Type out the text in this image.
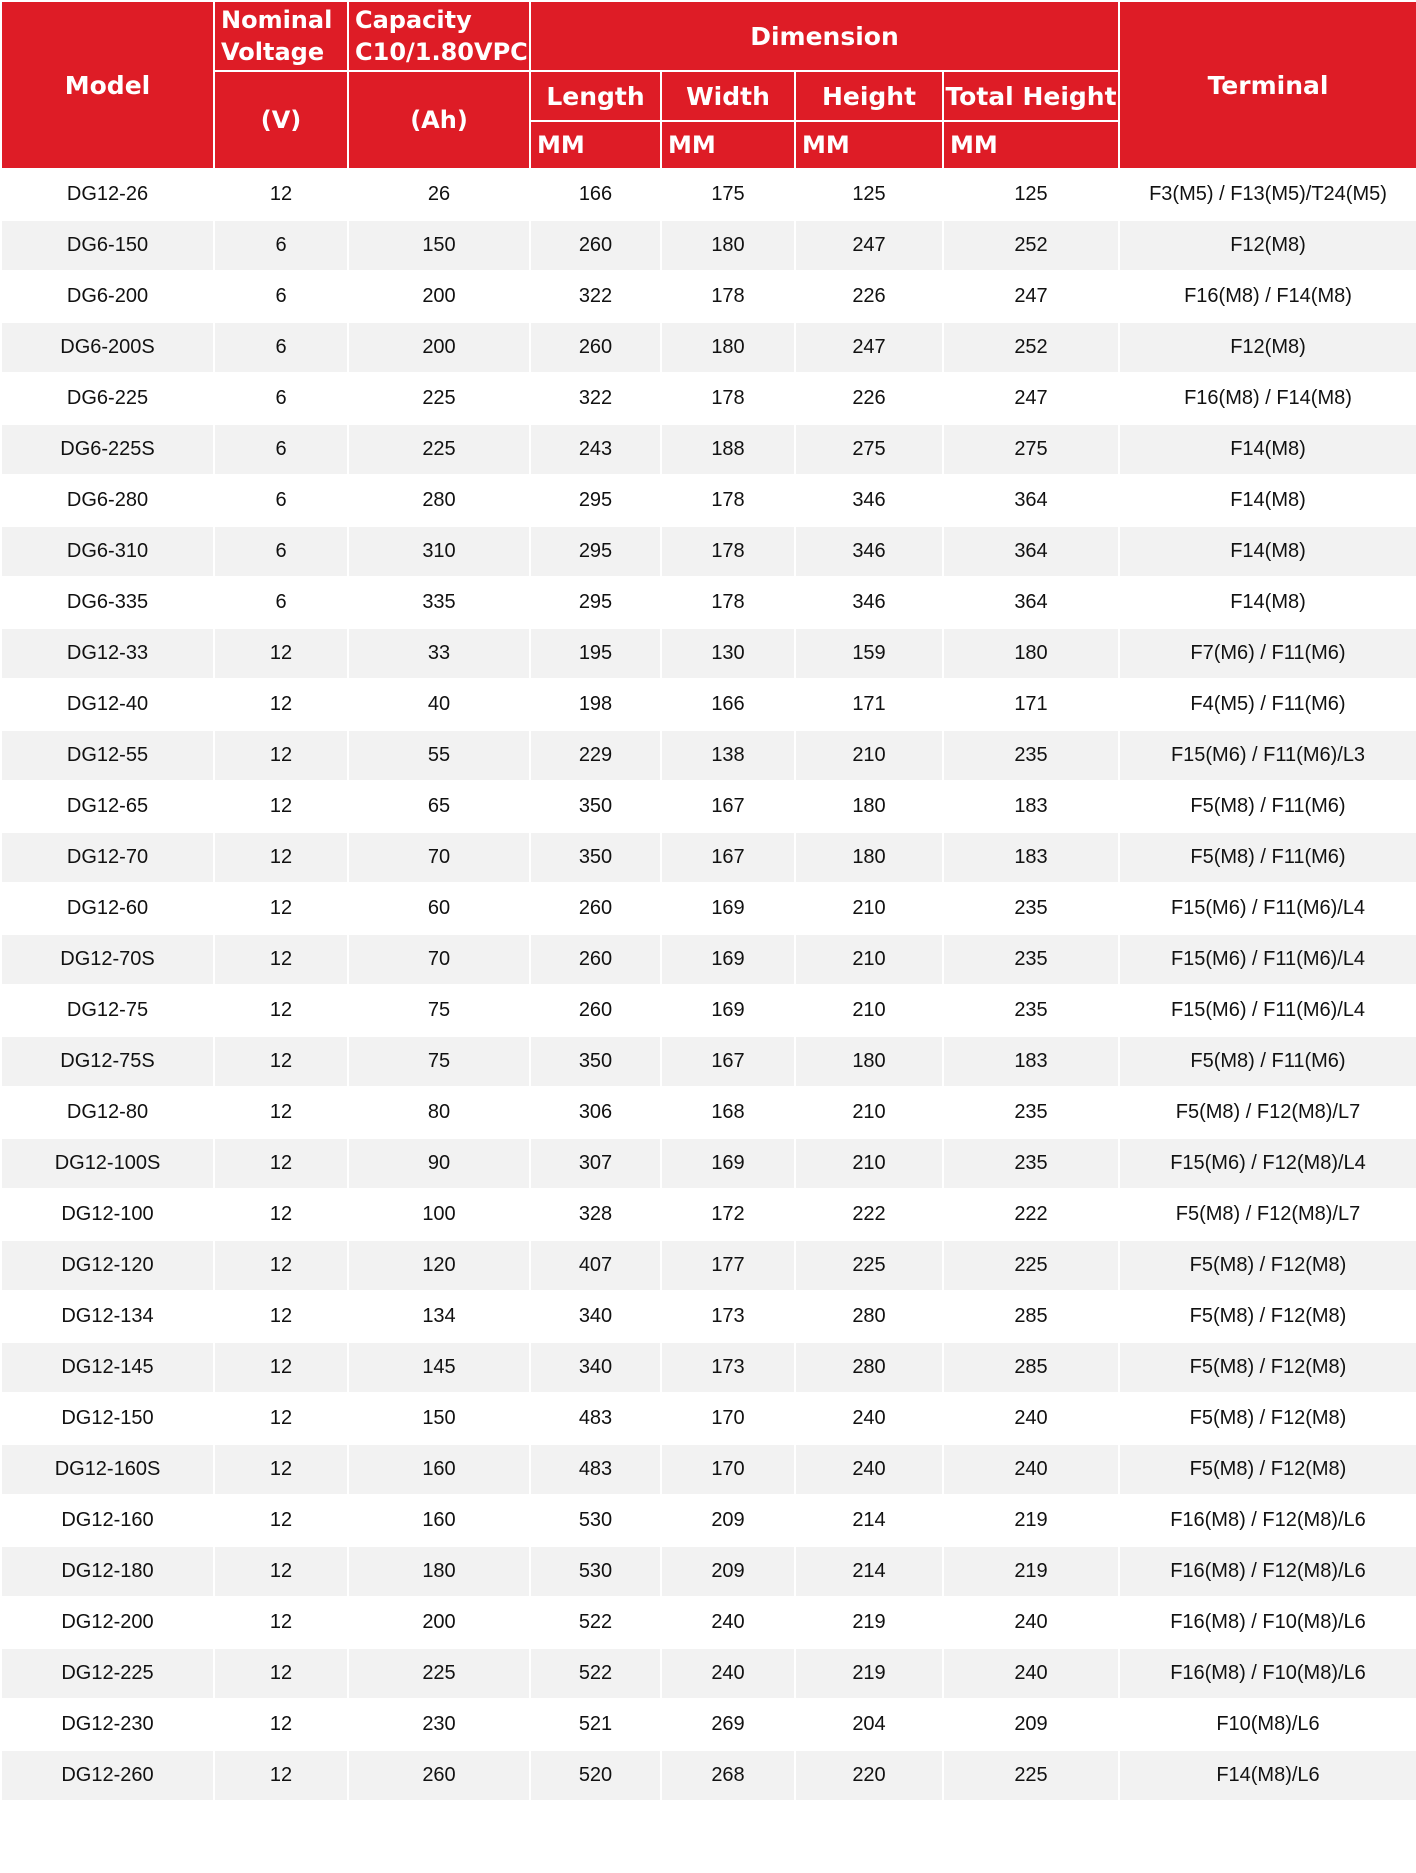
Model	Nominal Voltage	Capacity C10/1.80VPC	Dimension				Terminal
	(V)	(Ah)	Length	Width	Height	Total Height	
			MM	MM	MM	MM	
DG12-26	12	26	166	175	125	125	F3(M5) / F13(M5)/T24(M5)
DG6-150	6	150	260	180	247	252	F12(M8)
DG6-200	6	200	322	178	226	247	F16(M8) / F14(M8)
DG6-200S	6	200	260	180	247	252	F12(M8)
DG6-225	6	225	322	178	226	247	F16(M8) / F14(M8)
DG6-225S	6	225	243	188	275	275	F14(M8)
DG6-280	6	280	295	178	346	364	F14(M8)
DG6-310	6	310	295	178	346	364	F14(M8)
DG6-335	6	335	295	178	346	364	F14(M8)
DG12-33	12	33	195	130	159	180	F7(M6) / F11(M6)
DG12-40	12	40	198	166	171	171	F4(M5) / F11(M6)
DG12-55	12	55	229	138	210	235	F15(M6) / F11(M6)/L3
DG12-65	12	65	350	167	180	183	F5(M8) / F11(M6)
DG12-70	12	70	350	167	180	183	F5(M8) / F11(M6)
DG12-60	12	60	260	169	210	235	F15(M6) / F11(M6)/L4
DG12-70S	12	70	260	169	210	235	F15(M6) / F11(M6)/L4
DG12-75	12	75	260	169	210	235	F15(M6) / F11(M6)/L4
DG12-75S	12	75	350	167	180	183	F5(M8) / F11(M6)
DG12-80	12	80	306	168	210	235	F5(M8) / F12(M8)/L7
DG12-100S	12	90	307	169	210	235	F15(M6) / F12(M8)/L4
DG12-100	12	100	328	172	222	222	F5(M8) / F12(M8)/L7
DG12-120	12	120	407	177	225	225	F5(M8) / F12(M8)
DG12-134	12	134	340	173	280	285	F5(M8) / F12(M8)
DG12-145	12	145	340	173	280	285	F5(M8) / F12(M8)
DG12-150	12	150	483	170	240	240	F5(M8) / F12(M8)
DG12-160S	12	160	483	170	240	240	F5(M8) / F12(M8)
DG12-160	12	160	530	209	214	219	F16(M8) / F12(M8)/L6
DG12-180	12	180	530	209	214	219	F16(M8) / F12(M8)/L6
DG12-200	12	200	522	240	219	240	F16(M8) / F10(M8)/L6
DG12-225	12	225	522	240	219	240	F16(M8) / F10(M8)/L6
DG12-230	12	230	521	269	204	209	F10(M8)/L6
DG12-260	12	260	520	268	220	225	F14(M8)/L6
